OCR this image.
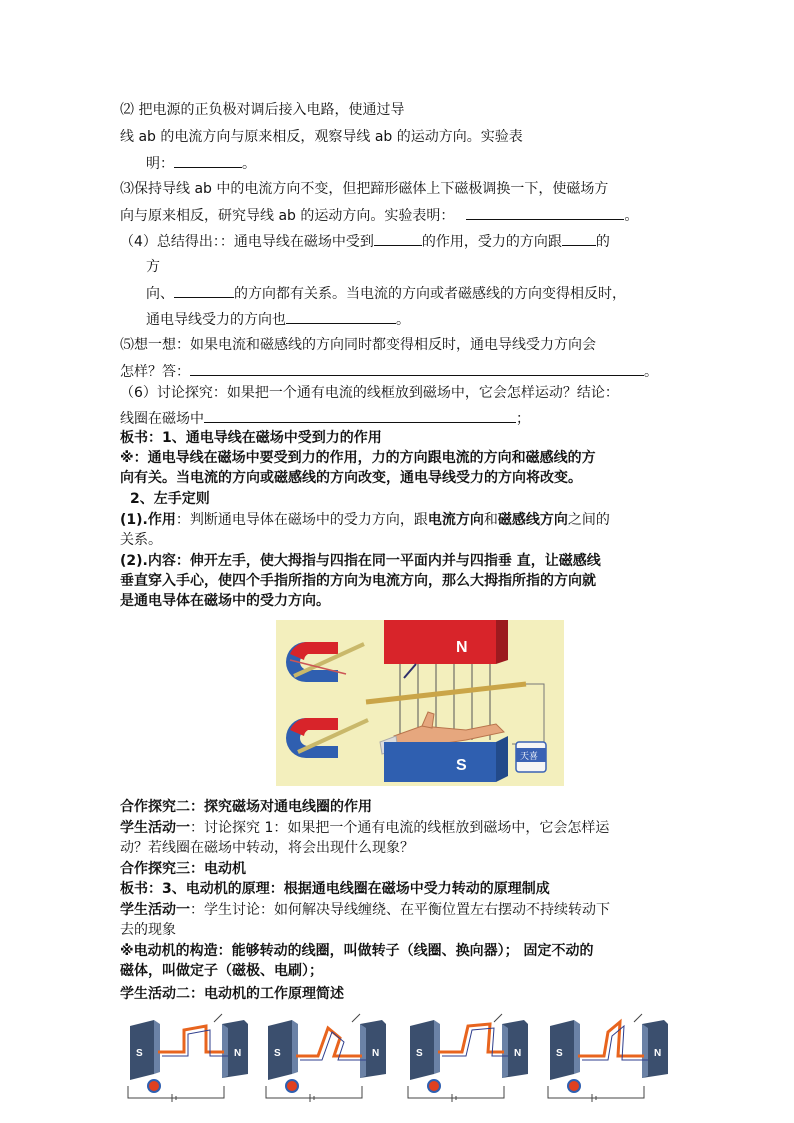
⑵ 把电源的正负极对调后接入电路，使通过导
线 ab 的电流方向与原来相反，观察导线 ab 的运动方向。实验表
明：	。
⑶保持导线 ab 中的电流方向不变，但把蹄形磁体上下磁极调换一下，使磁场方
向与原来相反，研究导线 ab 的运动方向。实验表明：	。
（4）总结得出：：通电导线在磁场中受到	的作用，受力的方向跟 的
方
向、	的方向都有关系。当电流的方向或者磁感线的方向变得相反时，
通电导线受力的方向也	。
⑸想一想：如果电流和磁感线的方向同时都变得相反时，通电导线受力方向会
怎样？答：	。
（6）讨论探究：如果把一个通有电流的线框放到磁场中，它会怎样运动？结论：
线圈在磁场中	；
板书：1、通电导线在磁场中受到力的作用
※：通电导线在磁场中要受到力的作用，力的方向跟电流的方向和磁感线的方
向有关。当电流的方向或磁感线的方向改变，通电导线受力的方向将改变。
2、左手定则
(1).作用：判断通电导体在磁场中的受力方向，跟电流方向和磁感线方向之间的
关系。
(2).内容：伸开左手，使大拇指与四指在同一平面内并与四指垂 直，让磁感线
垂直穿入手心，使四个手指所指的方向为电流方向，那么大拇指所指的方向就
是通电导体在磁场中的受力方向。
N
S	天喜
合作探究二：探究磁场对通电线圈的作用
学生活动一：讨论探究 1：如果把一个通有电流的线框放到磁场中，它会怎样运
动？若线圈在磁场中转动，将会出现什么现象？
合作探究三：电动机
板书：3、电动机的原理：根据通电线圈在磁场中受力转动的原理制成
学生活动一：学生讨论：如何解决导线缠绕、在平衡位置左右摆动不持续转动下
去的现象
※电动机的构造：能够转动的线圈，叫做转子（线圈、换向器）； 固定不动的
磁体，叫做定子（磁极、电刷）；
学生活动二：电动机的工作原理简述
S	N	S	N	S	N	S	N
